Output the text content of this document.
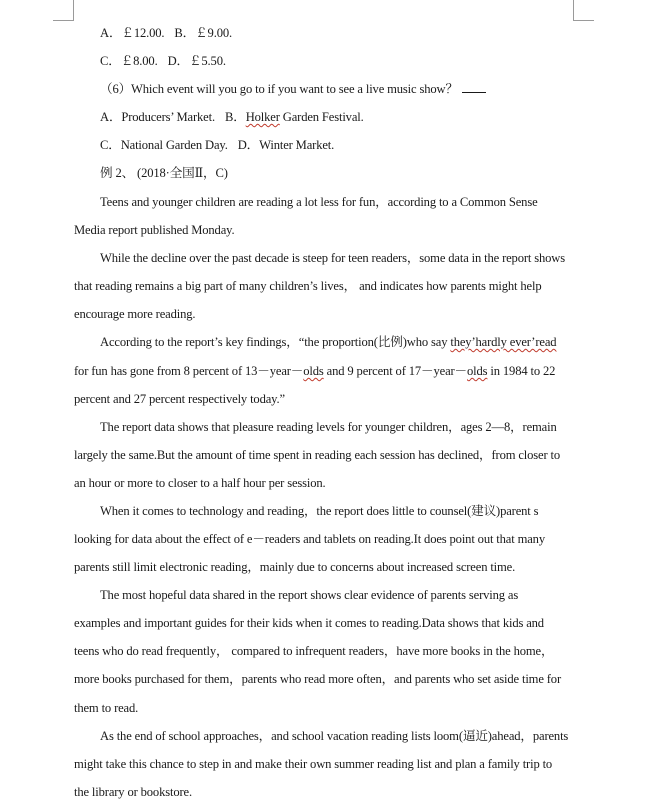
A．￡12.00. B．￡9.00.
C．￡8.00. D．￡5.50.
（6）Which event will you go to if you want to see a live music show？
A．Producers’ Market. B．Holker Garden Festival.
C．National Garden Day. D．Winter Market.
例 2、 (2018·全国Ⅱ，C)
Teens and younger children are reading a lot less for fun，according to a Common Sense
Media report published Monday.
While the decline over the past decade is steep for teen readers，some data in the report shows
that reading remains a big part of many children’s lives， and indicates how parents might help
encourage more reading.
According to the report’s key findings，“the proportion(比例)who say they’hardly ever’read
for fun has gone from 8 percent of 13－year－olds and 9 percent of 17－year－olds in 1984 to 22
percent and 27 percent respectively today.”
The report data shows that pleasure reading levels for younger children，ages 2—8，remain
largely the same.But the amount of time spent in reading each session has declined，from closer to
an hour or more to closer to a half hour per session.
When it comes to technology and reading，the report does little to counsel(建议)parent s
looking for data about the effect of e－readers and tablets on reading.It does point out that many
parents still limit electronic reading，mainly due to concerns about increased screen time.
The most hopeful data shared in the report shows clear evidence of parents serving as
examples and important guides for their kids when it comes to reading.Data shows that kids and
teens who do read frequently， compared to infrequent readers，have more books in the home，
more books purchased for them，parents who read more often，and parents who set aside time for
them to read.
As the end of school approaches，and school vacation reading lists loom(逼近)ahead，parents
might take this chance to step in and make their own summer reading list and plan a family trip to
the library or bookstore.
